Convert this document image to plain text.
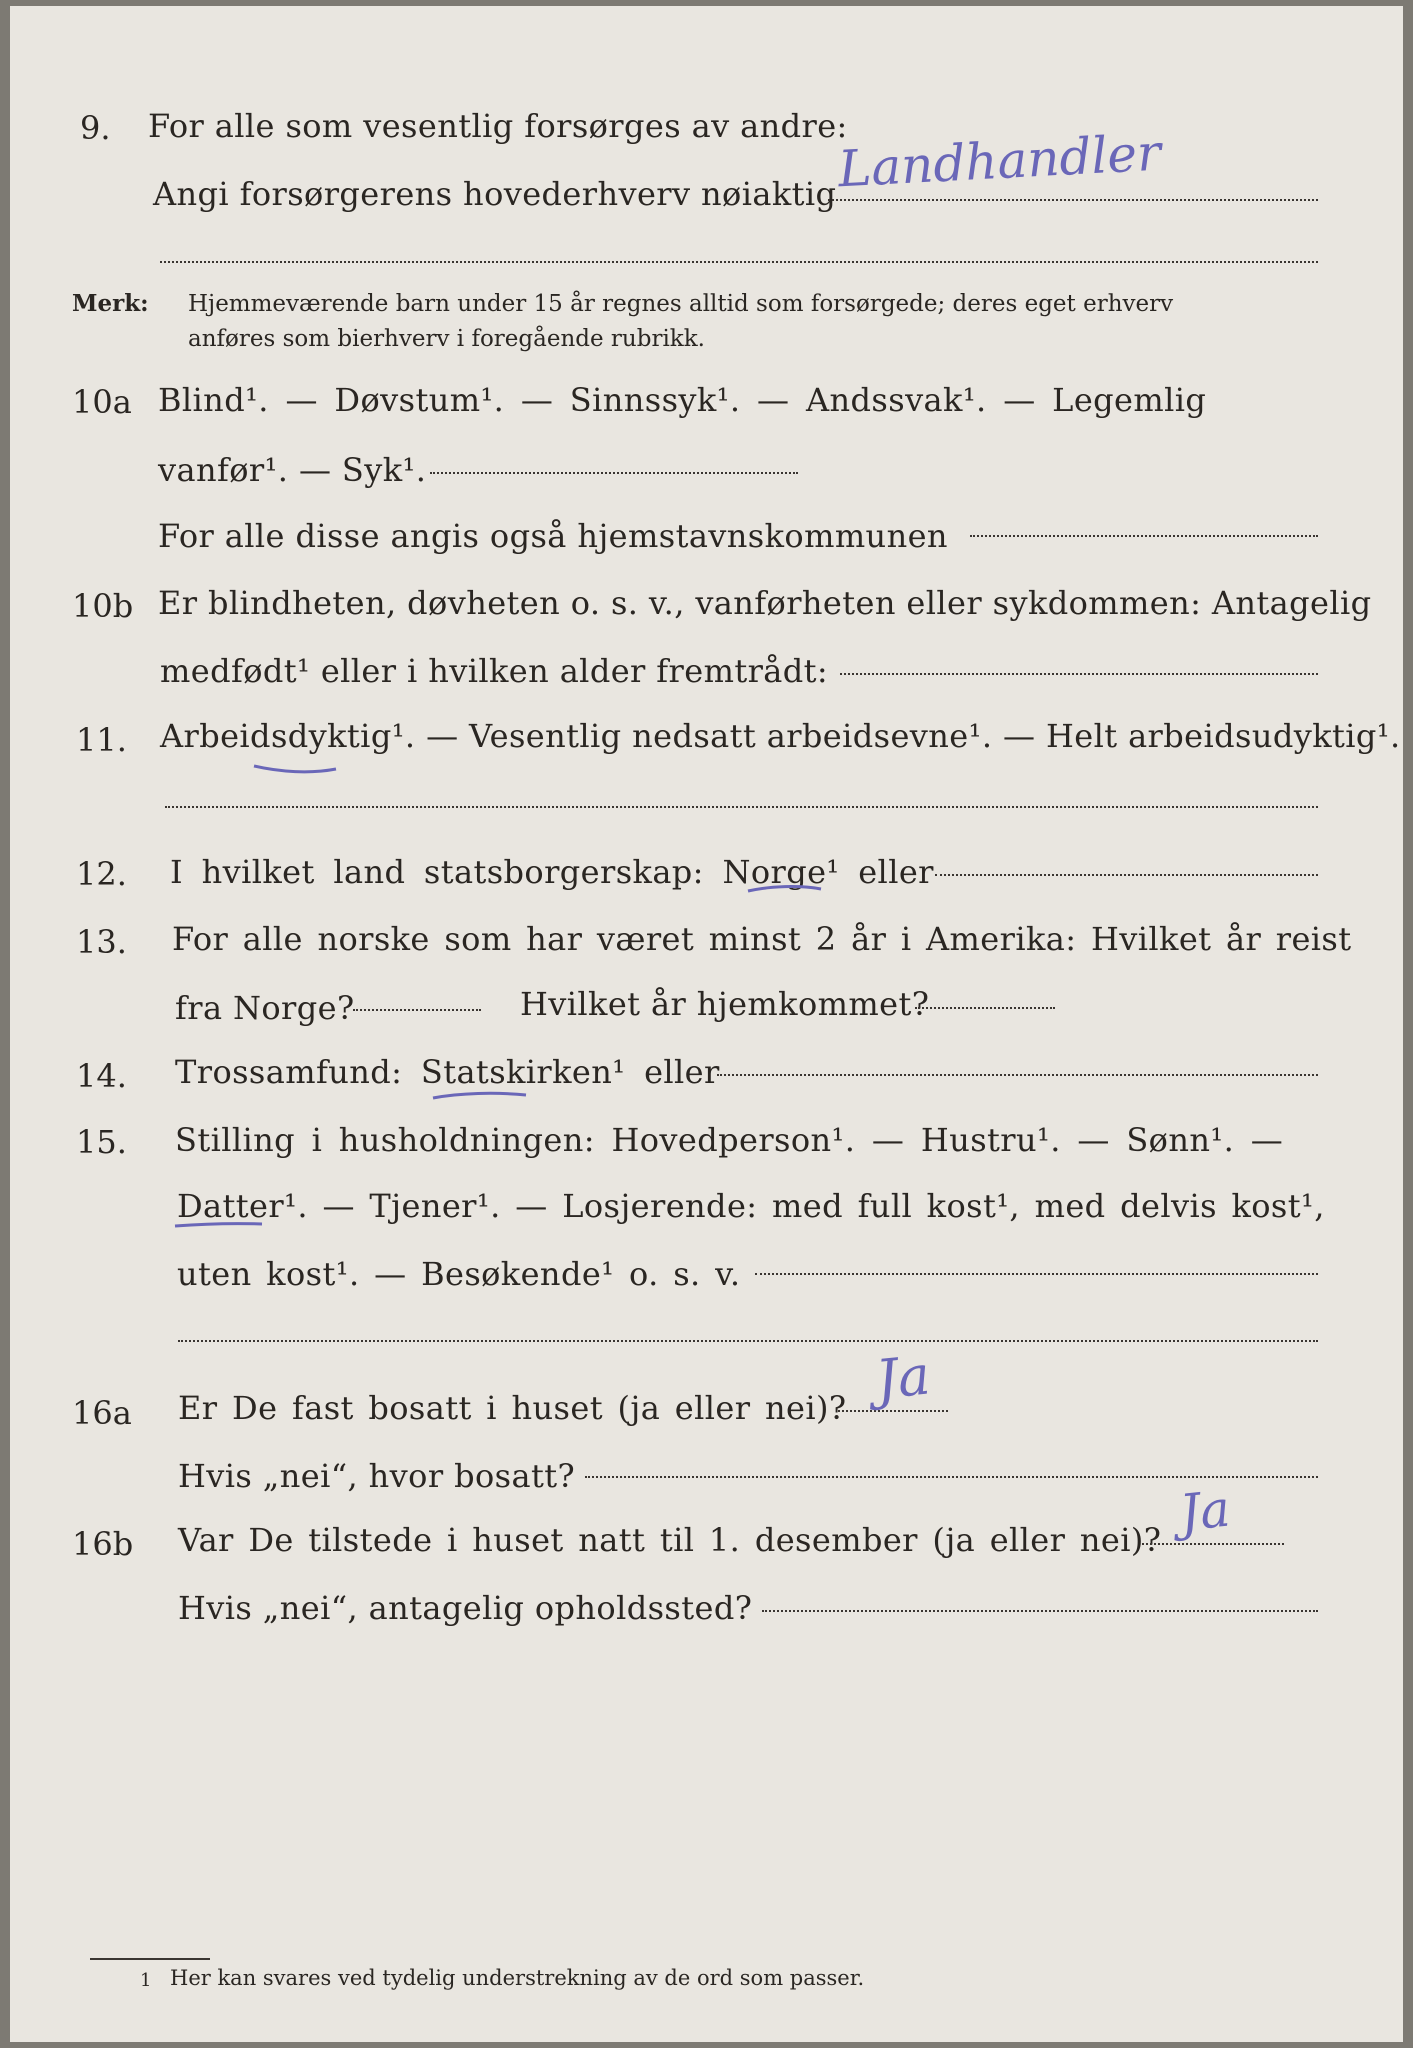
9. For alle som vesentlig forsørges av andre:
Angi forsørgerens hovederhverv nøiaktig Landhandler
Merk: Hjemmeværende barn under 15 år regnes alltid som forsørgede; deres eget erhverv
anføres som bierhverv i foregående rubrikk.
10a Blind¹. — Døvstum¹. — Sinnssyk¹. — Andssvak¹. — Legemlig
vanfør¹. — Syk¹.
For alle disse angis også hjemstavnskommunen
10b Er blindheten, døvheten o. s. v., vanførheten eller sykdommen: Antagelig
medfødt¹ eller i hvilken alder fremtrådt:
11. Arbeidsdyktig¹. — Vesentlig nedsatt arbeidsevne¹. — Helt arbeidsudyktig¹.
12. I hvilket land statsborgerskap: Norge¹ eller
13. For alle norske som har været minst 2 år i Amerika: Hvilket år reist
fra Norge?	Hvilket år hjemkommet?
14. Trossamfund: Statskirken¹ eller
15. Stilling i husholdningen: Hovedperson¹. — Hustru¹. — Sønn¹. —
Datter¹. — Tjener¹. — Losjerende: med full kost¹, med delvis kost¹,
uten kost¹. — Besøkende¹ o. s. v.
16a Er De fast bosatt i huset (ja eller nei)? Ja
Hvis „nei“, hvor bosatt?
16b Var De tilstede i huset natt til 1. desember (ja eller nei)? Ja
Hvis „nei“, antagelig opholdssted?
1 Her kan svares ved tydelig understrekning av de ord som passer.
